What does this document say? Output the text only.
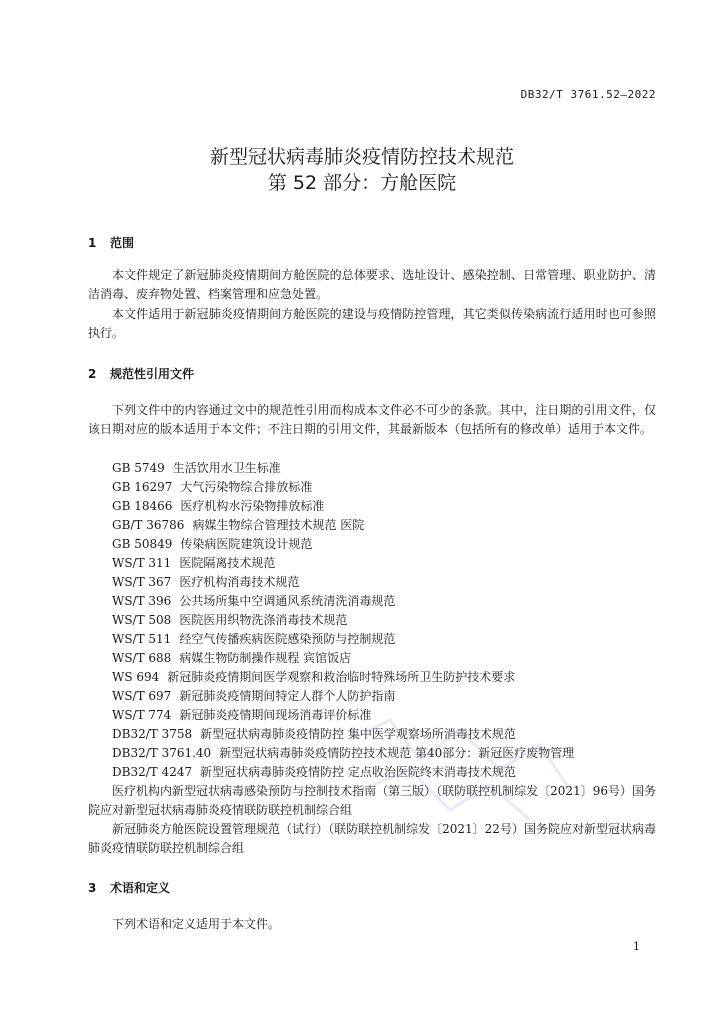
DB32/T 3761.52—2022
新型冠状病毒肺炎疫情防控技术规范
第 52 部分：方舱医院
1 范围
本文件规定了新冠肺炎疫情期间方舱医院的总体要求、选址设计、感染控制、日常管理、职业防护、清洁消毒、废弃物处置、档案管理和应急处置。
本文件适用于新冠肺炎疫情期间方舱医院的建设与疫情防控管理，其它类似传染病流行适用时也可参照执行。
2 规范性引用文件
下列文件中的内容通过文中的规范性引用而构成本文件必不可少的条款。其中，注日期的引用文件，仅该日期对应的版本适用于本文件；不注日期的引用文件，其最新版本（包括所有的修改单）适用于本文件。
GB 5749 生活饮用水卫生标准
GB 16297 大气污染物综合排放标准
GB 18466 医疗机构水污染物排放标准
GB/T 36786 病媒生物综合管理技术规范 医院
GB 50849 传染病医院建筑设计规范
WS/T 311 医院隔离技术规范
WS/T 367 医疗机构消毒技术规范
WS/T 396 公共场所集中空调通风系统清洗消毒规范
WS/T 508 医院医用织物洗涤消毒技术规范
WS/T 511 经空气传播疾病医院感染预防与控制规范
WS/T 688 病媒生物防制操作规程 宾馆饭店
WS 694 新冠肺炎疫情期间医学观察和救治临时特殊场所卫生防护技术要求
WS/T 697 新冠肺炎疫情期间特定人群个人防护指南
WS/T 774 新冠肺炎疫情期间现场消毒评价标准
DB32/T 3758 新型冠状病毒肺炎疫情防控 集中医学观察场所消毒技术规范
DB32/T 3761.40 新型冠状病毒肺炎疫情防控技术规范 第40部分：新冠医疗废物管理
DB32/T 4247 新型冠状病毒肺炎疫情防控 定点收治医院终末消毒技术规范
医疗机构内新型冠状病毒感染预防与控制技术指南（第三版）（联防联控机制综发〔2021〕96号）国务院应对新型冠状病毒肺炎疫情联防联控机制综合组
新冠肺炎方舱医院设置管理规范（试行）（联防联控机制综发〔2021〕22号）国务院应对新型冠状病毒肺炎疫情联防联控机制综合组
3 术语和定义
下列术语和定义适用于本文件。
1
